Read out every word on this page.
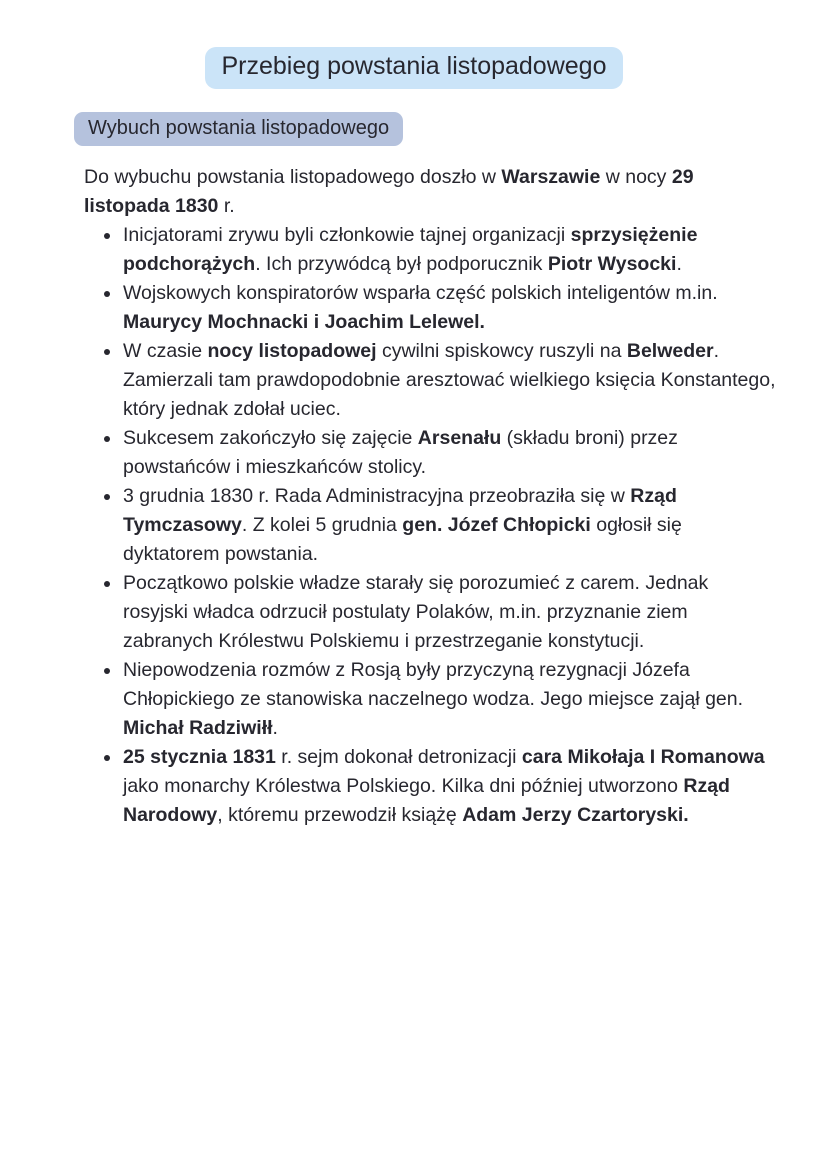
Przebieg powstania listopadowego
Wybuch powstania listopadowego

Do wybuchu powstania listopadowego doszło w Warszawie w nocy 29 listopada 1830 r.

• Inicjatorami zrywu byli członkowie tajnej organizacji sprzysiężenie podchorążych. Ich przywódcą był podporucznik Piotr Wysocki.
• Wojskowych konspiratorów wsparła część polskich inteligentów m.in. Maurycy Mochnacki i Joachim Lelewel.
• W czasie nocy listopadowej cywilni spiskowcy ruszyli na Belweder. Zamierzali tam prawdopodobnie aresztować wielkiego księcia Konstantego, który jednak zdołał uciec.
• Sukcesem zakończyło się zajęcie Arsenału (składu broni) przez powstańców i mieszkańców stolicy.
• 3 grudnia 1830 r. Rada Administracyjna przeobraziła się w Rząd Tymczasowy. Z kolei 5 grudnia gen. Józef Chłopicki ogłosił się dyktatorem powstania.
• Początkowo polskie władze starały się porozumieć z carem. Jednak rosyjski władca odrzucił postulaty Polaków, m.in. przyznanie ziem zabranych Królestwu Polskiemu i przestrzeganie konstytucji.
• Niepowodzenia rozmów z Rosją były przyczyną rezygnacji Józefa Chłopickiego ze stanowiska naczelnego wodza. Jego miejsce zajął gen. Michał Radziwiłł.
• 25 stycznia 1831 r. sejm dokonał detronizacji cara Mikołaja I Romanowa jako monarchy Królestwa Polskiego. Kilka dni później utworzono Rząd Narodowy, któremu przewodził książę Adam Jerzy Czartoryski.
